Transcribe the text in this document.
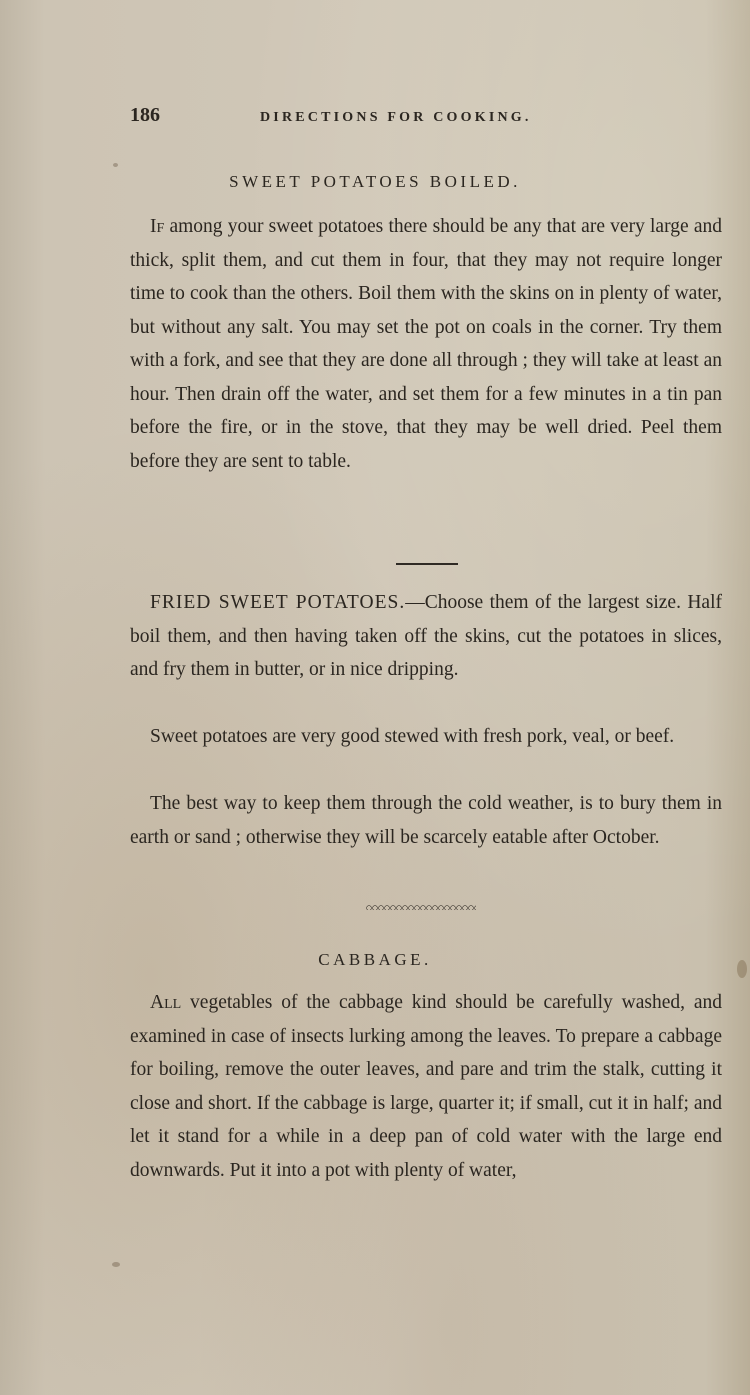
186	DIRECTIONS FOR COOKING.
SWEET POTATOES BOILED.

If among your sweet potatoes there should be any that are very large and thick, split them, and cut them in four, that they may not require longer time to cook than the others. Boil them with the skins on in plenty of water, but without any salt. You may set the pot on coals in the corner. Try them with a fork, and see that they are done all through ; they will take at least an hour. Then drain off the water, and set them for a few minutes in a tin pan before the fire, or in the stove, that they may be well dried. Peel them before they are sent to table.

FRIED SWEET POTATOES.—Choose them of the largest size. Half boil them, and then having taken off the skins, cut the potatoes in slices, and fry them in butter, or in nice dripping.

Sweet potatoes are very good stewed with fresh pork, veal, or beef.

The best way to keep them through the cold weather, is to bury them in earth or sand ; otherwise they will be scarcely eatable after October.

CABBAGE.

All vegetables of the cabbage kind should be carefully washed, and examined in case of insects lurking among the leaves. To prepare a cabbage for boiling, remove the outer leaves, and pare and trim the stalk, cutting it close and short. If the cabbage is large, quarter it; if small, cut it in half; and let it stand for a while in a deep pan of cold water with the large end downwards. Put it into a pot with plenty of water,
